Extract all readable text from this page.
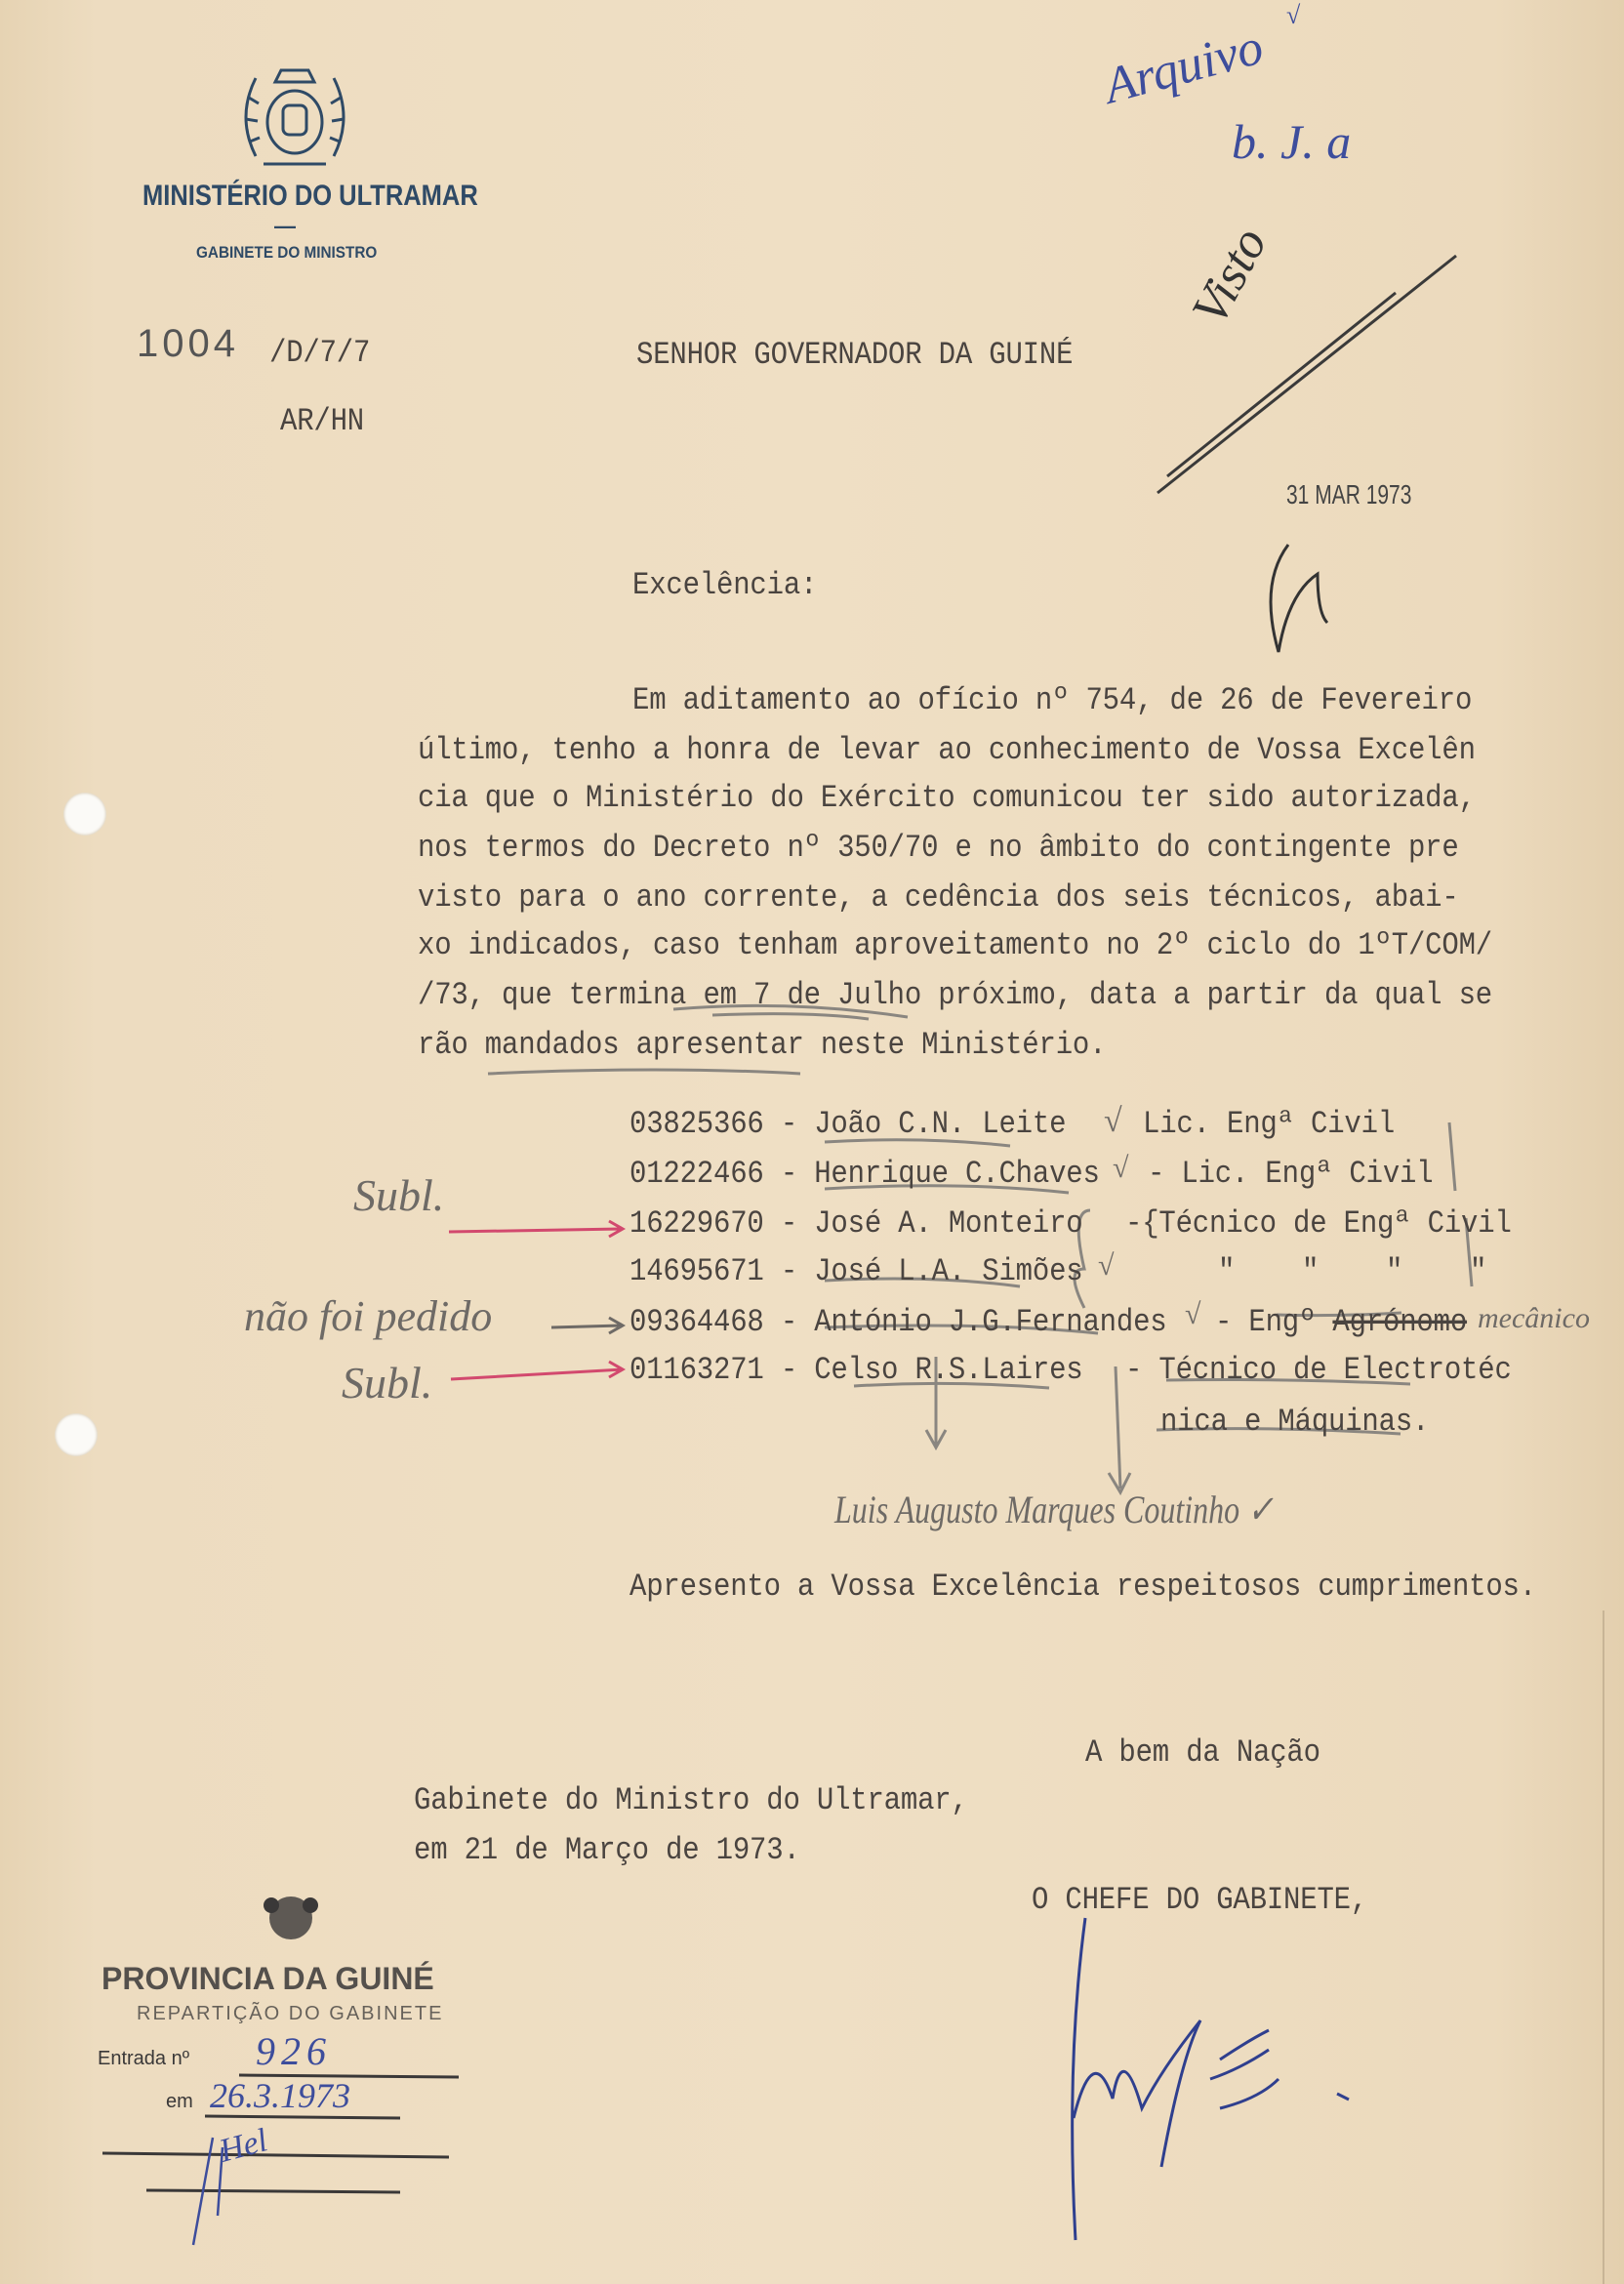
MINISTÉRIO DO ULTRAMAR
—
GABINETE DO MINISTRO
1004 /D/7/7
AR/HN
SENHOR GOVERNADOR DA GUINÉ
31 MAR 1973
Arquivo
√
b. J. a
Visto
Excelência:
Em aditamento ao ofício nº 754, de 26 de Fevereiro
último, tenho a honra de levar ao conhecimento de Vossa Excelên
cia que o Ministério do Exército comunicou ter sido autorizada,
nos termos do Decreto nº 350/70 e no âmbito do contingente pre
visto para o ano corrente, a cedência dos seis técnicos, abai-
xo indicados, caso tenham aproveitamento no 2º ciclo do 1ºT/COM/
/73, que termina em 7 de Julho próximo, data a partir da qual se
rão mandados apresentar neste Ministério.
03825366 - João C.N. Leite	Lic. Engª Civil
01222466 - Henrique C.Chaves - Lic. Engª Civil
16229670 - José A. Monteiro -{Técnico de Engª Civil
14695671 - José L.A. Simões	"    "    "    "
09364468 - António J.G.Fernandes - Engº Agrónomo
01163271 - Celso R.S.Laires - Técnico de Electrotéc
nica e Máquinas.
√
√
√
√	mecânico
Subl.
não foi pedido
Subl.
Luis Augusto Marques Coutinho ✓
Apresento a Vossa Excelência respeitosos cumprimentos.
A bem da Nação
Gabinete do Ministro do Ultramar,
em 21 de Março de 1973.
O CHEFE DO GABINETE,
PROVINCIA DA GUINÉ
REPARTIÇÃO DO GABINETE
Entrada nº 926
em 26.3.1973
Hel
